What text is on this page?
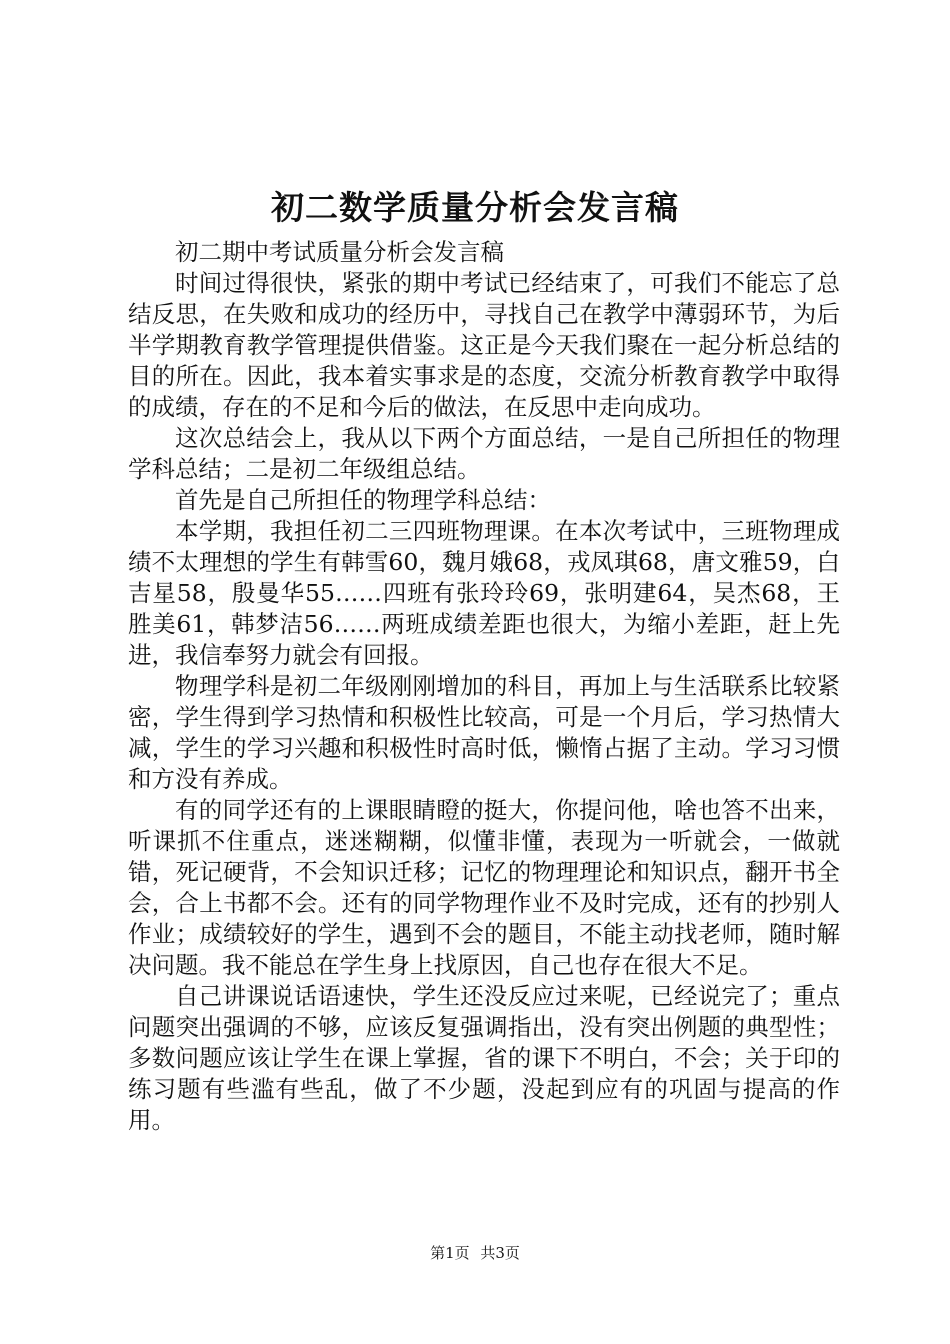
初二数学质量分析会发言稿

初二期中考试质量分析会发言稿

时间过得很快，紧张的期中考试已经结束了，可我们不能忘了总结反思，在失败和成功的经历中，寻找自己在教学中薄弱环节，为后半学期教育教学管理提供借鉴。这正是今天我们聚在一起分析总结的目的所在。因此，我本着实事求是的态度，交流分析教育教学中取得的成绩，存在的不足和今后的做法，在反思中走向成功。

这次总结会上，我从以下两个方面总结，一是自己所担任的物理学科总结；二是初二年级组总结。

首先是自己所担任的物理学科总结：

本学期，我担任初二三四班物理课。在本次考试中，三班物理成绩不太理想的学生有韩雪60，魏月娥68，戎凤琪68，唐文雅59，白吉星58，殷曼华55……四班有张玲玲69，张明建64，吴杰68，王胜美61，韩梦洁56……两班成绩差距也很大，为缩小差距，赶上先进，我信奉努力就会有回报。

物理学科是初二年级刚刚增加的科目，再加上与生活联系比较紧密，学生得到学习热情和积极性比较高，可是一个月后，学习热情大减，学生的学习兴趣和积极性时高时低，懒惰占据了主动。学习习惯和方没有养成。

有的同学还有的上课眼睛瞪的挺大，你提问他，啥也答不出来，听课抓不住重点，迷迷糊糊，似懂非懂，表现为一听就会，一做就错，死记硬背，不会知识迁移；记忆的物理理论和知识点，翻开书全会，合上书都不会。还有的同学物理作业不及时完成，还有的抄别人作业；成绩较好的学生，遇到不会的题目，不能主动找老师，随时解决问题。我不能总在学生身上找原因，自己也存在很大不足。

自己讲课说话语速快，学生还没反应过来呢，已经说完了；重点问题突出强调的不够，应该反复强调指出，没有突出例题的典型性；多数问题应该让学生在课上掌握，省的课下不明白，不会；关于印的练习题有些滥有些乱，做了不少题，没起到应有的巩固与提高的作用。

第1页 共3页
